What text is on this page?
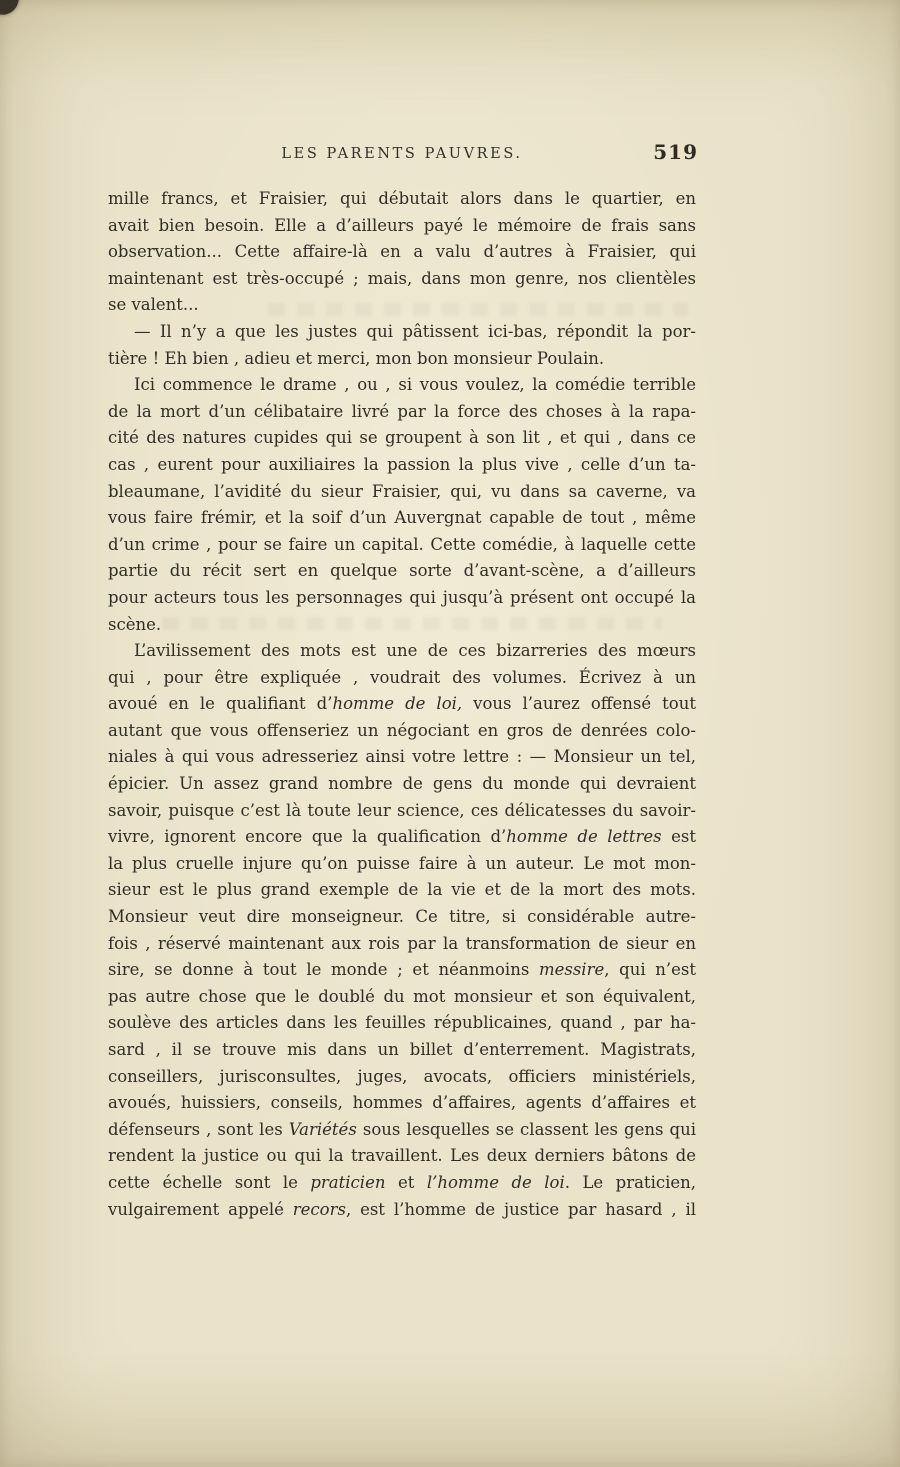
LES PARENTS PAUVRES.	519
mille francs, et Fraisier, qui débutait alors dans le quartier, en
avait bien besoin. Elle a d’ailleurs payé le mémoire de frais sans
observation... Cette affaire-là en a valu d’autres à Fraisier, qui
maintenant est très-occupé ; mais, dans mon genre, nos clientèles
se valent...
— Il n’y a que les justes qui pâtissent ici-bas, répondit la por-
tière ! Eh bien , adieu et merci, mon bon monsieur Poulain.
Ici commence le drame , ou , si vous voulez, la comédie terrible
de la mort d’un célibataire livré par la force des choses à la rapa-
cité des natures cupides qui se groupent à son lit , et qui , dans ce
cas , eurent pour auxiliaires la passion la plus vive , celle d’un ta-
bleaumane, l’avidité du sieur Fraisier, qui, vu dans sa caverne, va
vous faire frémir, et la soif d’un Auvergnat capable de tout , même
d’un crime , pour se faire un capital. Cette comédie, à laquelle cette
partie du récit sert en quelque sorte d’avant-scène, a d’ailleurs
pour acteurs tous les personnages qui jusqu’à présent ont occupé la
scène.
L’avilissement des mots est une de ces bizarreries des mœurs
qui , pour être expliquée , voudrait des volumes. Écrivez à un
avoué en le qualifiant d’homme de loi, vous l’aurez offensé tout
autant que vous offenseriez un négociant en gros de denrées colo-
niales à qui vous adresseriez ainsi votre lettre : — Monsieur un tel,
épicier. Un assez grand nombre de gens du monde qui devraient
savoir, puisque c’est là toute leur science, ces délicatesses du savoir-
vivre, ignorent encore que la qualification d’homme de lettres est
la plus cruelle injure qu’on puisse faire à un auteur. Le mot mon-
sieur est le plus grand exemple de la vie et de la mort des mots.
Monsieur veut dire monseigneur. Ce titre, si considérable autre-
fois , réservé maintenant aux rois par la transformation de sieur en
sire, se donne à tout le monde ; et néanmoins messire, qui n’est
pas autre chose que le doublé du mot monsieur et son équivalent,
soulève des articles dans les feuilles républicaines, quand , par ha-
sard , il se trouve mis dans un billet d’enterrement. Magistrats,
conseillers, jurisconsultes, juges, avocats, officiers ministériels,
avoués, huissiers, conseils, hommes d’affaires, agents d’affaires et
défenseurs , sont les Variétés sous lesquelles se classent les gens qui
rendent la justice ou qui la travaillent. Les deux derniers bâtons de
cette échelle sont le praticien et l’homme de loi. Le praticien,
vulgairement appelé recors, est l’homme de justice par hasard , il
